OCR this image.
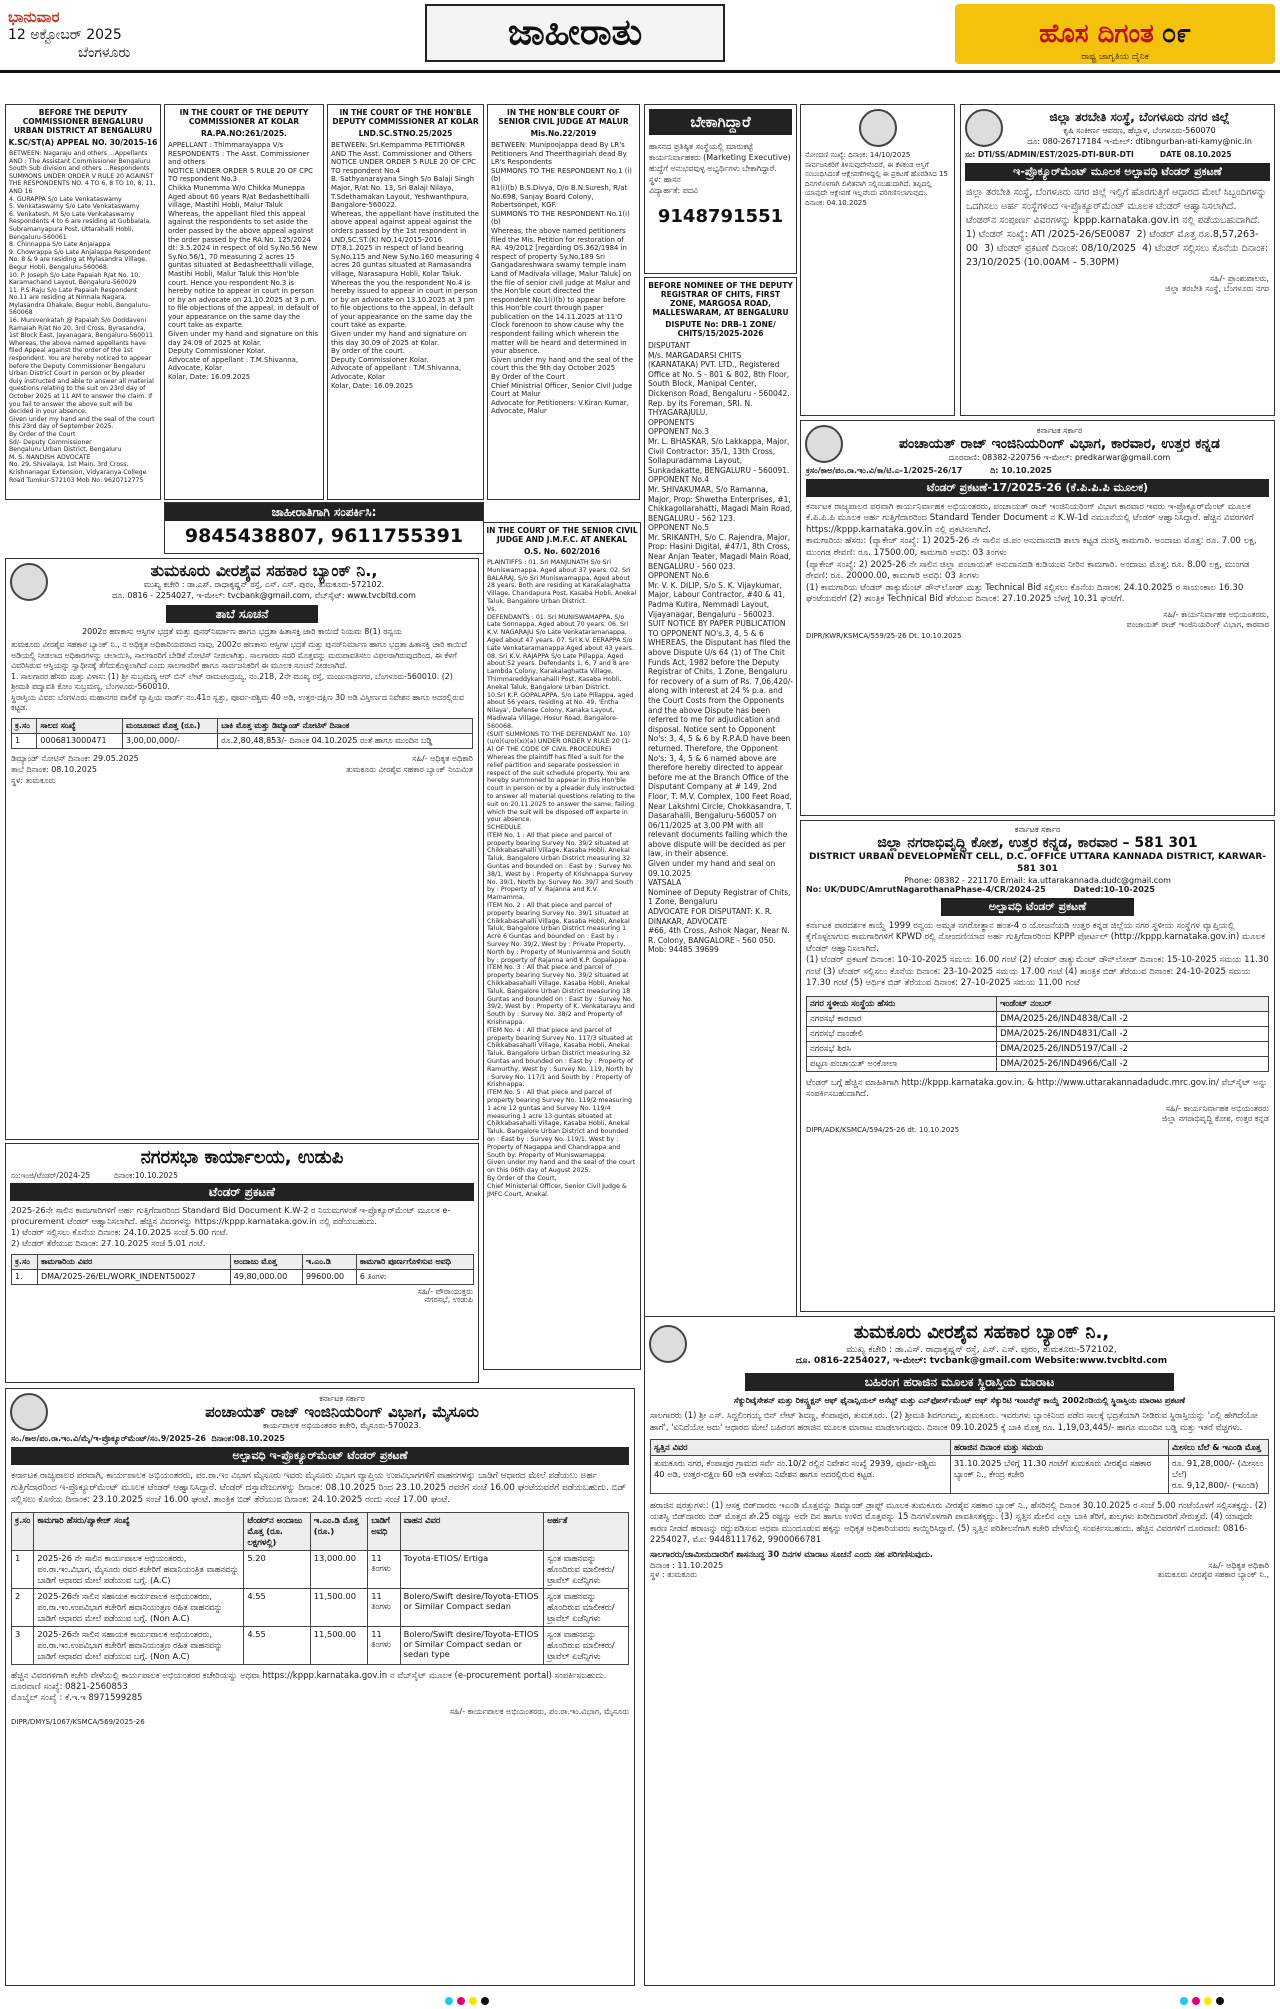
ಭಾನುವಾರ
12 ಅಕ್ಟೋಬರ್ 2025
ಬೆಂಗಳೂರು	ಜಾಹೀರಾತು	ಹೊಸ ದಿಗಂತ ೦೯
ರಾಷ್ಟ್ರ ಜಾಗೃತಿಯ ದೈನಿಕ
BEFORE THE DEPUTY COMMISSIONER BENGALURU URBAN DISTRICT AT BENGALURU
K.SC/ST(A) APPEAL NO. 30/2015-16
BETWEEN: Nagaraju and others ...Appellants AND : The Assistant Commissioner Bengaluru South Sub division and others ...Respondents
SUMMONS UNDER ORDER V RULE 20 AGAINST THE RESPONDENTS NO. 4 TO 6, 8 TO 10, 8, 11, AND 16
4. GURAPPA S/o Late Venkataswamy
5. Venkataswamy S/o Late Venkataswamy
6. Venkatesh. M S/o Late Venkataswamy Respondents 4 to 6 are residing at Gubbalala, Subramanyapura Post, Uttarahalli Hobli, Bengaluru-560061
8. Chinnappa S/o Late Anjaiappa
9. Chowrappa S/o Late Anjaiappa Respondent No. 8 & 9 are residing at Mylasandra Village, Begur Hobli, Bengaluru-560068.
10. P. Joseph S/o Late Papaiah R/at No. 10, Karamachand Layout, Bengaluru-560029
11. P.S Raju S/o Late Papaiah Respondent No.11 are residing at Nirmala Nagara, Mylasandra Dhakale, Begur Hobli, Bengaluru-560068
16. Munivenkatah @ Papaiah S/o Doddaveni Ramaiah R/at No 20, 3rd Cross, Byrasandra, 1st Block East, Jayanagara, Bengaluru-560011
Whereas, the above named appellants have filed Appeal against the order of the 1st respondent. You are hereby noticed to appear before the Deputy Commissioner Bengaluru Urban District Court in person or by pleader duly instructed and able to answer all material questions relating to the suit on 23rd day of October 2025 at 11 AM to answer the claim. If you fail to answer the above suit will be decided in your absence.
Given under my hand and the seal of the court this 23rd day of September 2025.
By Order of the Court
Sd/- Deputy Commissioner
Bengaluru Urban District, Bengaluru
M. S. NANDISH ADVOCATE
No. 29, Shivalaya, 1st Main, 3rd Cross, Krishnanagar Extension, Vidyaranya College Road Tumkur-572103 Mob No: 9620712775
IN THE COURT OF THE DEPUTY COMMISSIONER AT KOLAR
RA.PA.NO:261/2025.
APPELLANT : Thimmarayappa V/s RESPONDENTS : The Asst. Commissioner and others
NOTICE UNDER ORDER 5 RULE 20 OF CPC TO respondent No.3
Chikka Munemma W/o Chikka Muneppa Aged about 60 years R/at Bedashettihalli village, Mastihi Hobli, Malur Taluk
Whereas, the appellant filed this appeal against the respondents to set aside the order passed by the above appeal against the order passed by the RA.No. 125/2024 dt: 3.5.2024 in respect of old Sy.No.56 New Sy.No.56/1, 70 measuring 2 acres 15 guntas situated at Bedasheetthalli village, Mastihi Hobli, Malur Taluk this Hon'ble court. Hence you respondent No.3 is hereby notice to appear in court in person or by an advocate on 21.10.2025 at 3 p.m. to file objections of the appeal, in default of your appearance on the same day the court take as exparte.
Given under my hand and signature on this day 24.09 of 2025 at Kolar.
Deputy Commissioner Kolar.
Advocate of appellant : T.M.Shivanna, Advocate, Kolar
Kolar, Date: 16.09.2025
IN THE COURT OF THE HON'BLE DEPUTY COMMISSIONER AT KOLAR
LND.SC.STNO.25/2025
BETWEEN: Sri.Kempamma PETITIONER AND The Asst. Commissioner and Others
NOTICE UNDER ORDER 5 RULE 20 OF CPC TO respondent No.4
B. Sathyanarayana Singh S/o Balaji Singh Major, R/at No. 13, Sri Balaji Nilaya, T.Sdethamakan Layout, Yeshwanthpura, Bangalore-560022.
Whereas, the appellant have instituted the above appeal against appeal against the orders passed by the 1st respondent in LND.SC.ST.(K) NO.14/2015-2016 DT:8.1.2025 in respect of land bearing Sy.No.115 and New Sy.No.160 measuring 4 acres 20 guntas situated at Ramasandra village, Narasapura Hobli, Kolar Taluk. Whereas the you the respondent No.4 is hereby issued to appear in court in person or by an advocate on 13.10.2025 at 3 pm to file objections to the appeal, in default of your appearance on the same day the court take as exparte.
Given under my hand and signature on this day 30.09 of 2025 at Kolar.
By order of the court.
Deputy Commissioner Kolar.
Advocate of appellant : T.M.Shivanna, Advocate, Kolar
Kolar, Date: 16.09.2025
IN THE HON'BLE COURT OF SENIOR CIVIL JUDGE AT MALUR
Mis.No.22/2019
BETWEEN: Munipoojappa dead By LR's Petitioners And Theerthagiriah dead By LR's Respondents
SUMMONS TO THE RESPONDENT No.1 (i) (b)
R1(i)(b) B.S.Divya, D/o B.N.Suresh, R/at No.698, Sanjay Board Colony, Robertsonpet, KGF.
SUMMONS TO THE RESPONDENT No.1(i) (b)
Whereas, the above named petitioners filed the Mis. Petition for restoration of RA. 49/2012 [regarding OS.362/1984 in respect of property Sy.No.189 Sri Gangadareshwara swamy temple inam Land of Madivala village, Malur Taluk] on the file of senior civil judge at Malur and the Hon'ble court directed the respondent No.1(i)(b) to appear before this Hon'ble court through paper publication on the 14.11.2025 at 11'O Clock forenoon to show cause why the respondent failing which wherein the matter will be heard and determined in your absence.
Given under my hand and the seal of the court this the 9th day October 2025
By Order of the Court
Chief Ministrial Officer, Senior Civil Judge Court at Malur
Advocate for Petitioners: V.Kiran Kumar, Advocate, Malur
ಬೇಕಾಗಿದ್ದಾರೆ
ಹಾಸನದ ಪ್ರತಿಷ್ಠಿತ ಸಂಸ್ಥೆಯಲ್ಲಿ ಮಾರುಕಟ್ಟೆ ಕಾರ್ಯನಿರ್ವಾಹಕರು (Marketing Executive) ಹುದ್ದೆಗೆ ಅನುಭವವುಳ್ಳ ಅಭ್ಯರ್ಥಿಗಳು ಬೇಕಾಗಿದ್ದಾರೆ.
ಸ್ಥಳ: ಹಾಸನ
ವಿದ್ಯಾರ್ಹತೆ: ಪದವಿ
9148791551
ನೋಂದಣಿ ಸಂಖ್ಯೆ: ದಿನಾಂಕ: 14/10/2025
ಸಾರ್ವಜನಿಕರಿಗೆ ತಿಳಿಸುವುದೇನೆಂದರೆ, ಈ ಕೆಳಕಂಡ ಆಸ್ತಿಗೆ ಸಂಬಂಧಿಸಿದಂತೆ ಆಕ್ಷೇಪಣೆಗಳಿದ್ದಲ್ಲಿ ಈ ಪ್ರಕಟಣೆ ಹೊರಡಿಸಿದ 15 ದಿನಗಳೊಳಗಾಗಿ ಲಿಖಿತವಾಗಿ ಸಲ್ಲಿಸಬಹುದಾಗಿದೆ. ತಪ್ಪಿದಲ್ಲಿ ಯಾವುದೇ ಆಕ್ಷೇಪಣೆ ಇಲ್ಲವೆಂದು ಪರಿಗಣಿಸಲಾಗುವುದು.
ದಿನಾಂಕ: 04.10.2025
BEFORE NOMINEE OF THE DEPUTY REGISTRAR OF CHITS, FIRST ZONE, MARGOSA ROAD, MALLESWARAM, AT BENGALURU
DISPUTE No: DRB-1 ZONE/ CHITS/15/2025-2026
DISPUTANT
M/s. MARGADARSI CHITS (KARNATAKA) PVT. LTD., Registered Office at No. S - 801 & 802, 8th Floor, South Block, Manipal Center, Dickenson Road, Bengaluru - 560042.
Rep. by its Foreman, SRI. N. THYAGARAJULU.
OPPONENTS
OPPONENT No.3
Mr. L. BHASKAR, S/o Lakkappa, Major, Civil Contractor: 35/1, 13th Cross, Sollapuradamma Layout, Sunkadakatte, BENGALURU - 560091.
OPPONENT No.4
Mr. SHIVAKUMAR, S/o Ramanna, Major, Prop: Shwetha Enterprises, #1, Chikkagollarahatti, Magadi Main Road, BENGALURU - 562 123.
OPPONENT No.5
Mr. SRIKANTH, S/o C. Rajendra, Major, Prop: Hasini Digital, #47/1, 8th Cross, Near Anjan Teater, Magadi Main Road, BENGALURU - 560 023.
OPPONENT No.6
Mr. V. K. DILIP, S/o S. K. Vijaykumar, Major, Labour Contractor, #40 & 41, Padma Kutira, Nemmadi Layout, Vijayanagar, Bengaluru - 560023.
SUIT NOTICE BY PAPER PUBLICATION TO OPPONENT NO's.3, 4, 5 & 6
WHEREAS, the Disputant has filed the above Dispute U/s 64 (1) of The Chit Funds Act, 1982 before the Deputy Registrar of Chits, 1 Zone, Bengaluru for recovery of a sum of Rs. 7,06,420/- along with interest at 24 % p.a. and the Court Costs from the Opponents and the above Dispute has been referred to me for adjudication and disposal. Notice sent to Opponent No's: 3, 4, 5 & 6 by R.P.A.D have been returned. Therefore, the Opponent No's: 3, 4, 5 & 6 named above are therefore hereby directed to appear before me at the Branch Office of the Disputant Company at # 149, 2nd Floor, T. M.V. Complex, 100 Feet Road, Near Lakshmi Circle, Chokkasandra, T. Dasarahalli, Bengaluru-560057 on 06/11/2025 at 3.00 PM with all relevant documents failing which the above dispute will be decided as per law, in their absence.
Given under my hand and seal on 09.10.2025
VATSALA
Nominee of Deputy Registrar of Chits, 1 Zone, Bengaluru
ADVOCATE FOR DISPUTANT: K. R. DINAKAR, ADVOCATE
#66, 4th Cross, Ashok Nagar, Near N. R. Colony, BANGALORE - 560 050. Mob: 94485 39699
ಜಿಲ್ಲಾ ತರಬೇತಿ ಸಂಸ್ಥೆ, ಬೆಂಗಳೂರು ನಗರ ಜಿಲ್ಲೆ
ಕೃಷಿ ಸಂಕೀರ್ಣ ಆವರಣ, ಹೆಬ್ಬಾಳ, ಬೆಂಗಳೂರು-560070
ದೂ: 080-26717184 ಇ-ಮೇಲ್: dtibngurban-ati-kamy@nic.in
ಸಂ: DTI/SS/ADMIN/EST/2025-DTI-BUR-DTI          DATE 08.10.2025
ಇ-ಪ್ರೊಕ್ಯೂರ್‌ಮೆಂಟ್ ಮೂಲಕ ಅಲ್ಪಾವಧಿ ಟೆಂಡರ್ ಪ್ರಕಟಣೆ
ಜಿಲ್ಲಾ ತರಬೇತಿ ಸಂಸ್ಥೆ, ಬೆಂಗಳೂರು ನಗರ ಜಿಲ್ಲೆ ಇಲ್ಲಿಗೆ ಹೊರಗುತ್ತಿಗೆ ಆಧಾರದ ಮೇಲೆ ಸಿಬ್ಬಂದಿಗಳನ್ನು ಒದಗಿಸಲು ಅರ್ಹ ಸಂಸ್ಥೆಗಳಿಂದ ಇ-ಪ್ರೊಕ್ಯೂರ್‌ಮೆಂಟ್ ಮೂಲಕ ಟೆಂಡರ್ ಆಹ್ವಾನಿಸಲಾಗಿದೆ. ಟೆಂಡರ್‌ನ ಸಂಪೂರ್ಣ ವಿವರಗಳನ್ನು kppp.karnataka.gov.in ನಲ್ಲಿ ಪಡೆಯಬಹುದಾಗಿದೆ.
1) ಟೆಂಡರ್ ಸಂಖ್ಯೆ: ATI /2025-26/SE0087  2) ಟೆಂಡರ್ ಮೊತ್ತ ರೂ.8,57,263-00  3) ಟೆಂಡರ್ ಪ್ರಕಟಣೆ ದಿನಾಂಕ: 08/10/2025  4) ಟೆಂಡರ್ ಸಲ್ಲಿಸಲು ಕೊನೆಯ ದಿನಾಂಕ: 23/10/2025 (10.00AM – 5.30PM)
ಸಹಿ/- ಪ್ರಾಂಶುಪಾಲರು,
ಜಿಲ್ಲಾ ತರಬೇತಿ ಸಂಸ್ಥೆ, ಬೆಂಗಳೂರು ನಗರ
ಜಾಹೀರಾತಿಗಾಗಿ ಸಂಪರ್ಕಿಸಿ:
9845438807, 9611755391
ತುಮಕೂರು ವೀರಶೈವ ಸಹಕಾರ ಬ್ಯಾಂಕ್ ನಿ.,
ಮುಖ್ಯ ಕಚೇರಿ : ಡಾ.ಎಸ್. ರಾಧಾಕೃಷ್ಣನ್ ರಸ್ತೆ, ಎಸ್. ಎಸ್. ಪುರಂ, ತುಮಕೂರು-572102.
ದೂ. 0816 - 2254027, ಇ-ಮೇಲ್: tvcbank@gmail.com, ವೆಬ್‌ಸೈಟ್: www.tvcbltd.com
ತಾಬೆ ಸೂಚನೆ
2002ರ ಹಣಕಾಸು ಆಸ್ತಿಗಳ ಭದ್ರತೆ ಮತ್ತು ಪುನರ್‌ನಿರ್ಮಾಣ ಹಾಗೂ ಭದ್ರತಾ ಹಿತಾಸಕ್ತಿ ಜಾರಿ ಕಾಯಿದೆ ನಿಯಮ 8(1) ರನ್ವಯ
ತುಮಕೂರು ವೀರಶೈವ ಸಹಕಾರ ಬ್ಯಾಂಕ್ ನಿ., ನ ಅಧಿಕೃತ ಅಧಿಕಾರಿಯವರಾದ ನಾವು, 2002ರ ಹಣಕಾಸು ಆಸ್ತಿಗಳ ಭದ್ರತೆ ಮತ್ತು ಪುನರ್‌ನಿರ್ಮಾಣ ಹಾಗೂ ಭದ್ರತಾ ಹಿತಾಸಕ್ತಿ ಜಾರಿ ಕಾಯಿದೆ ಅಡಿಯಲ್ಲಿ ನೀಡಲಾದ ಅಧಿಕಾರಗಳನ್ನು ಚಲಾಯಿಸಿ, ಸಾಲಗಾರರಿಗೆ ಬೇಡಿಕೆ ನೋಟಿಸ್ ನೀಡಲಾಗಿತ್ತು. ಸಾಲಗಾರರು ಸದರಿ ಮೊತ್ತವನ್ನು ಮರುಪಾವತಿಸಲು ವಿಫಲರಾಗಿರುವುದರಿಂದ, ಈ ಕೆಳಗೆ ವಿವರಿಸಿರುವ ಆಸ್ತಿಯನ್ನು ಸ್ವಾಧೀನಕ್ಕೆ ತೆಗೆದುಕೊಳ್ಳಲಾಗಿದೆ ಎಂದು ಸಾಲಗಾರರಿಗೆ ಹಾಗೂ ಸಾರ್ವಜನಿಕರಿಗೆ ಈ ಮೂಲಕ ಸೂಚನೆ ನೀಡಲಾಗಿದೆ.
1. ಸಾಲಗಾರರ ಹೆಸರು ಮತ್ತು ವಿಳಾಸ: (1) ಶ್ರೀ ಸುಬ್ರಮಣ್ಯ ಆರ್ ಬಿನ್ ಲೇಟ್ ರಾಮಚಂದ್ರಯ್ಯ, ನಂ.218, 2ನೇ ಮುಖ್ಯ ರಸ್ತೆ, ಮಂಜುನಾಥನಗರ, ಬೆಂಗಳೂರು-560010. (2) ಶ್ರೀಮತಿ ಪದ್ಮಾವತಿ ಕೋಂ ಸುಬ್ರಮಣ್ಯ, ಬೆಂಗಳೂರು-560010.
ಸ್ಥಿರಾಸ್ತಿಯ ವಿವರ: ಬೆಂಗಳೂರು ಮಹಾನಗರ ಪಾಲಿಕೆ ವ್ಯಾಪ್ತಿಯ ವಾರ್ಡ್ ನಂ.41ರ ಸ್ವತ್ತು, ಪೂರ್ವ-ಪಶ್ಚಿಮ 40 ಅಡಿ, ಉತ್ತರ-ದಕ್ಷಿಣ 30 ಅಡಿ ವಿಸ್ತೀರ್ಣದ ನಿವೇಶನ ಹಾಗೂ ಅದರಲ್ಲಿರುವ ಕಟ್ಟಡ.
ಕ್ರ.ಸಂ	ಸಾಲದ ಸಂಖ್ಯೆ	ಮಂಜೂರಾದ ಮೊತ್ತ (ರೂ.)	ಬಾಕಿ ಮೊತ್ತ ಮತ್ತು ಡಿಮ್ಯಾಂಡ್ ನೋಟಿಸ್ ದಿನಾಂಕ
1	0006813000471	3,00,00,000/-	ರೂ.2,80,48,853/- ದಿನಾಂಕ 04.10.2025 ರಂತೆ ಹಾಗೂ ಮುಂದಿನ ಬಡ್ಡಿ
ಡಿಮ್ಯಾಂಡ್ ನೋಟಿಸ್ ದಿನಾಂಕ: 29.05.2025
ತಾಬೆ ದಿನಾಂಕ: 08.10.2025
ಸ್ಥಳ: ತುಮಕೂರು
ಸಹಿ/- ಅಧಿಕೃತ ಅಧಿಕಾರಿ
ತುಮಕೂರು ವೀರಶೈವ ಸಹಕಾರ ಬ್ಯಾಂಕ್ ನಿಯಮಿತ
IN THE COURT OF THE SENIOR CIVIL JUDGE AND J.M.F.C. AT ANEKAL
O.S. No. 602/2016
PLAINTIFFS : 01. Sri MANJUNATH S/o Sri Muniswamappa, Aged about 37 years. 02. Sri BALARAJ, S/o Sri Muniswamappa, Aged about 28 years. Both are residing at Karakalaghatta Village, Chandapura Post, Kasaba Hobli, Anekal Taluk, Bangalore Urban District.
Vs.
DEFENDANTS : 01. Sri MUNISWAMAPPA, S/o Late Sonnappa, Aged about 70 years. 06. Sri K.V. NAGARAJU S/o Late Venkataramanappa, Aged about 47 years. 07. Sri K.V. EERAPPA S/o Late Venkataramanappa Aged about 43 years. 08. Sri K.V. RAJAPPA S/o Late Pillappa, Aged about 52 years. Defendants 1, 6, 7 and 8 are Lambda Colony, Karakalaghatta Village, Thimmareddykanahalli Post, Kasaba Hobli, Anekal Taluk, Bangalore Urban District.
10.Sri K.P. GOPALAPPA, S/o Late Pillappa, aged about 56 years, residing at No. 49, 'Entha Nilaya', Defense Colony, Kanaka Layout, Madiwala Village, Hosur Road, Bangalore-560068.
(SUIT SUMMONS TO THE DEFENDANT No. 10)(u/o)(u/o)(xi)(a) UNDER ORDER V RULE 20 (1-A) OF THE CODE OF CIVIL PROCEDURE)
Whereas the plaintiff has filed a suit for the relief partition and separate possession in respect of the suit schedule property. You are hereby summoned to appear in this Hon'ble court in person or by a pleader duly instructed to answer all material questions relating to the suit on 20.11.2025 to answer the same, failing which the suit will be disposed off exparte in your absence.
SCHEDULE
ITEM No. 1 : All that piece and parcel of property bearing Survey No. 39/2 situated at Chikkabasahalli Village, Kasaba Hobli, Anekal Taluk, Bangalore Urban District measuring 32 Guntas and bounded on : East by : Survey No. 38/1, West by : Property of Krishnappa Survey No. 39/1, North by: Survey No. 39/7 and South by : Property of V. Rajanna and K.V. Marnamma.
ITEM No. 2 : All that piece and parcel of property bearing Survey No. 39/1 situated at Chikkabasahalli Village, Kasaba Hobli, Anekal Taluk, Bangalore Urban District measuring 1 Acre 6 Guntas and bounded on : East by : Survey No. 39/2, West by : Private Property, North by : Property of Munivamma and South by : property of Rajanna and K.P. Gopalappa.
ITEM No. 3 : All that piece and parcel of property bearing Survey No. 39/2 situated at Chikkabasahalli Village, Kasaba Hobli, Anekal Taluk, Bangalore Urban District measuring 18 Guntas and bounded on : East by : Survey No. 39/2, West by : Property of K. Venkatarayu and South by : Survey No. 38/2 and Property of Krishnappa.
ITEM No. 4 : All that piece and parcel of property bearing Survey No. 117/3 situated at Chikkabasahalli Village, Kasaba Hobli, Anekal Taluk, Bangalore Urban District measuring 32 Guntas and bounded on : East by : Property of Ramurthy, West by : Survey No. 119, North by : Survey No. 117/1 and South by : Property of Krishnappa.
ITEM No. 5 : All that piece and parcel of property bearing Survey No. 119/2 measuring 1 acre 12 guntas and Survey No. 119/4 measuring 1 acre 13 guntas situated at Chikkabasahalli Village, Kasaba Hobli, Anekal Taluk, Bangalore Urban District and bounded on : East by : Survey No. 119/1, West by : Property of Nagappa and Chandrappa and South by: Property of Muniswamappa.
Given under my hand and the seal of the court on this 06th day of August 2025.
By Order of the Court,
Chief Ministerial Officer, Senior Civil Judge & JMFC Court, Anekal.
ಕರ್ನಾಟಕ ಸರ್ಕಾರ
ಪಂಚಾಯತ್ ರಾಜ್ ಇಂಜಿನಿಯರಿಂಗ್ ವಿಭಾಗ, ಕಾರವಾರ, ಉತ್ತರ ಕನ್ನಡ
ದೂರವಾಣಿ: 08382-220756 ಇ-ಮೇಲ್: predkarwar@gmail.com
ಕ್ರಸಂ/ಕಾಅ/ಪಂ.ರಾ.ಇಂ.ವಿ/ಕಾ/ಟಿ.ಎ-1/2025-26/17          ದಿ: 10.10.2025
ಟೆಂಡರ್ ಪ್ರಕಟಣೆ-17/2025-26 (ಕೆ.ಪಿ.ಪಿ.ಪಿ ಮೂಲಕ)
ಕರ್ನಾಟಕ ರಾಜ್ಯಪಾಲರ ಪರವಾಗಿ ಕಾರ್ಯನಿರ್ವಾಹಕ ಅಭಿಯಂತರರು, ಪಂಚಾಯತ್ ರಾಜ್ ಇಂಜಿನಿಯರಿಂಗ್ ವಿಭಾಗ ಕಾರವಾರ ಇವರು ಇ-ಪ್ರೊಕ್ಯೂರ್‌ಮೆಂಟ್ ಮೂಲಕ ಕೆ.ಪಿ.ಪಿ.ಪಿ ಮೂಲಕ ಅರ್ಹ ಗುತ್ತಿಗೆದಾರರಿಂದ Standard Tender Document ನ K.W-1d ನಮೂನೆಯಲ್ಲಿ ಟೆಂಡರ್ ಆಹ್ವಾನಿಸಿದ್ದಾರೆ. ಹೆಚ್ಚಿನ ವಿವರಗಳಿಗೆ https://kppp.karnataka.gov.in ನಲ್ಲಿ ಪ್ರಕಟಿಸಲಾಗಿದೆ.
ಕಾಮಗಾರಿಯ ಹೆಸರು: (ಪ್ಯಾಕೇಜ್ ಸಂಖ್ಯೆ: 1) 2025-26 ನೇ ಸಾಲಿನ ಜಿ.ಪಂ ಅನುದಾನದಡಿ ಶಾಲಾ ಕಟ್ಟಡ ದುರಸ್ತಿ ಕಾಮಗಾರಿ. ಅಂದಾಜು ಮೊತ್ತ: ರೂ. 7.00 ಲಕ್ಷ, ಮುಂಗಡ ಠೇವಣಿ: ರೂ. 17500.00, ಕಾಮಗಾರಿ ಅವಧಿ: 03 ತಿಂಗಳು
(ಪ್ಯಾಕೇಜ್ ಸಂಖ್ಯೆ: 2) 2025-26 ನೇ ಸಾಲಿನ ಜಿಲ್ಲಾ ಪಂಚಾಯತ್ ಅನುದಾನದಡಿ ಕುಡಿಯುವ ನೀರಿನ ಕಾಮಗಾರಿ. ಅಂದಾಜು ಮೊತ್ತ: ರೂ. 8.00 ಲಕ್ಷ, ಮುಂಗಡ ಠೇವಣಿ: ರೂ. 20000.00, ಕಾಮಗಾರಿ ಅವಧಿ: 03 ತಿಂಗಳು
(1) ಕಾಮಗಾರಿಯ ಟೆಂಡರ್ ಡಾಕ್ಯುಮೆಂಟ್ ಡೌನ್‌ಲೋಡ್ ಮತ್ತು Technical Bid ಸಲ್ಲಿಸಲು ಕೊನೆಯ ದಿನಾಂಕ: 24.10.2025 ರ ಸಾಯಂಕಾಲ 16.30 ಘಂಟೆಯವರೆಗೆ (2) ತಾಂತ್ರಿಕ Technical Bid ತೆರೆಯುವ ದಿನಾಂಕ: 27.10.2025 ಬೆಳಗ್ಗೆ 10.31 ಘಂಟೆಗೆ.
ಸಹಿ/- ಕಾರ್ಯನಿರ್ವಾಹಕ ಅಭಿಯಂತರರು,
ಪಂಚಾಯತ್ ರಾಜ್ ಇಂಜಿನಿಯರಿಂಗ್ ವಿಭಾಗ, ಕಾರವಾರ
DIPR/KWR/KSMCA/559/25-26 Dt. 10.10.2025
ಕರ್ನಾಟಕ ಸರ್ಕಾರ
ಜಿಲ್ಲಾ ನಗರಾಭಿವೃದ್ಧಿ ಕೋಶ, ಉತ್ತರ ಕನ್ನಡ, ಕಾರವಾರ – 581 301
DISTRICT URBAN DEVELOPMENT CELL, D.C. OFFICE UTTARA KANNADA DISTRICT, KARWAR-581 301
Phone: 08382 - 221170 Email: ka.uttarakannada.dudc@gmail.com
No: UK/DUDC/AmrutNagarothanaPhase-4/CR/2024-25          Dated:10-10-2025
ಅಲ್ಪಾವಧಿ ಟೆಂಡರ್ ಪ್ರಕಟಣೆ
ಕರ್ನಾಟಕ ಪಾರದರ್ಶಕ ಕಾಯ್ದೆ 1999 ರನ್ವಯ ಅಮೃತ ನಗರೋತ್ಥಾನ ಹಂತ-4 ರ ಯೋಜನೆಯಡಿ ಉತ್ತರ ಕನ್ನಡ ಜಿಲ್ಲೆಯ ನಗರ ಸ್ಥಳೀಯ ಸಂಸ್ಥೆಗಳ ವ್ಯಾಪ್ತಿಯಲ್ಲಿ ಕೈಗೊಳ್ಳಲಾಗುವ ಕಾಮಗಾರಿಗಳಿಗೆ KPWD ರಲ್ಲಿ ನೋಂದಣಿಯಾದ ಅರ್ಹ ಗುತ್ತಿಗೆದಾರರಿಂದ KPPP ಪೋರ್ಟಲ್ (http://kppp.karnataka.gov.in) ಮೂಲಕ ಟೆಂಡರ್ ಆಹ್ವಾನಿಸಲಾಗಿದೆ.
(1) ಟೆಂಡರ್ ಪ್ರಕಟಣೆ ದಿನಾಂಕ: 10-10-2025 ಸಮಯ 16.00 ಗಂಟೆ (2) ಟೆಂಡರ್ ಡಾಕ್ಯುಮೆಂಟ್ ಡೌನ್‌ಲೋಡ್ ದಿನಾಂಕ: 15-10-2025 ಸಮಯ 11.30 ಗಂಟೆ (3) ಟೆಂಡರ್ ಸಲ್ಲಿಸಲು ಕೊನೆಯ ದಿನಾಂಕ: 23-10-2025 ಸಮಯ 17.00 ಗಂಟೆ (4) ತಾಂತ್ರಿಕ ಬಿಡ್ ತೆರೆಯುವ ದಿನಾಂಕ: 24-10-2025 ಸಮಯ 17.30 ಗಂಟೆ (5) ಆರ್ಥಿಕ ಬಿಡ್ ತೆರೆಯುವ ದಿನಾಂಕ: 27-10-2025 ಸಮಯ 11.00 ಗಂಟೆ
ನಗರ ಸ್ಥಳೀಯ ಸಂಸ್ಥೆಯ ಹೆಸರು	ಇಂಡೆಂಟ್ ನಂಬರ್
ನಗರಸಭೆ ಕಾರವಾರ	DMA/2025-26/IND4838/Call -2
ನಗರಸಭೆ ದಾಂಡೇಲಿ	DMA/2025-26/IND4831/Call -2
ನಗರಸಭೆ ಶಿರಸಿ	DMA/2025-26/IND5197/Call -2
ಪಟ್ಟಣ ಪಂಚಾಯತ್ ಅಂಕೋಲಾ	DMA/2025-26/IND4966/Call -2
ಟೆಂಡರ್ ಬಗ್ಗೆ ಹೆಚ್ಚಿನ ಮಾಹಿತಿಗಾಗಿ http://kppp.karnataka.gov.in. & http://www.uttarakannadadudc.mrc.gov.in/ ವೆಬ್‌ಸೈಟ್ ಅನ್ನು ಸಂಪರ್ಕಿಸಬಹುದಾಗಿದೆ.
ಸಹಿ/- ಕಾರ್ಯನಿರ್ವಾಹಕ ಅಭಿಯಂತರರು
ಜಿಲ್ಲಾ ನಗರಾಭಿವೃದ್ಧಿ ಕೋಶ, ಉತ್ತರ ಕನ್ನಡ
DIPR/ADK/KSMCA/594/25-26 dt. 10.10.2025
ನಗರಸಭಾ ಕಾರ್ಯಾಲಯ, ಉಡುಪಿ
ಸಂ:ಇಂಜಿ/ಟೆಂಡರ್/2024-25          ದಿನಾಂಕ:10.10.2025
ಟೆಂಡರ್ ಪ್ರಕಟಣೆ
2025-26ನೇ ಸಾಲಿನ ಕಾಮಗಾರಿಗಳಿಗೆ ಅರ್ಹ ಗುತ್ತಿಗೆದಾರರಿಂದ Standard Bid Document K.W-2 ರ ನಿಯಮಗಳಂತೆ ಇ-ಪ್ರೊಕ್ಯೂರ್‌ಮೆಂಟ್ ಮೂಲಕ e-procurement ಟೆಂಡರ್ ಆಹ್ವಾನಿಸಲಾಗಿದೆ. ಹೆಚ್ಚಿನ ವಿವರಗಳನ್ನು https://kppp.karnataka.gov.in ನಲ್ಲಿ ಪಡೆಯಬಹುದು.
1) ಟೆಂಡರ್ ಸಲ್ಲಿಸಲು ಕೊನೆಯ ದಿನಾಂಕ: 24.10.2025 ಸಂಜೆ 5.00 ಗಂಟೆ.
2) ಟೆಂಡರ್ ತೆರೆಯುವ ದಿನಾಂಕ: 27.10.2025 ಸಂಜೆ 5.01 ಗಂಟೆ.
ಕ್ರ.ಸಂ	ಕಾಮಗಾರಿಯ ವಿವರ	ಅಂದಾಜು ಮೊತ್ತ	ಇ.ಎಂ.ಡಿ	ಕಾಮಗಾರಿ ಪೂರ್ಣಗೊಳಿಸುವ ಅವಧಿ
1.	DMA/2025-26/EL/WORK_INDENT50027	49,80,000.00	99600.00	6 ತಿಂಗಳು
ಸಹಿ/- ಪೌರಾಯುಕ್ತರು
ನಗರಸಭೆ, ಉಡುಪಿ
ಕರ್ನಾಟಕ ಸರ್ಕಾರ
ಪಂಚಾಯತ್ ರಾಜ್ ಇಂಜಿನಿಯರಿಂಗ್ ವಿಭಾಗ, ಮೈಸೂರು
ಕಾರ್ಯಪಾಲಕ ಅಭಿಯಂತರರ ಕಚೇರಿ, ಮೈಸೂರು-570023.
ಸಂ./ಕಾಅ/ಪಂ.ರಾ.ಇಂ.ವಿ/ಮೈ/ಇ-ಪ್ರೊಕ್ಯೂರ್‌ಮೆಂಟ್/ಸಂ.9/2025-26  ದಿನಾಂಕ:08.10.2025
ಅಲ್ಪಾವಧಿ ಇ-ಪ್ರೊಕ್ಯೂರ್‌ಮೆಂಟ್ ಟೆಂಡರ್ ಪ್ರಕಟಣೆ
ಕರ್ನಾಟಕ ರಾಜ್ಯಪಾಲರ ಪರವಾಗಿ, ಕಾರ್ಯಪಾಲಕ ಅಭಿಯಂತರರು, ಪಂ.ರಾ.ಇಂ ವಿಭಾಗ ಮೈಸೂರು ಇವರು ಮೈಸೂರು ವಿಭಾಗ ವ್ಯಾಪ್ತಿಯ ಉಪವಿಭಾಗಗಳಿಗೆ ವಾಹನಗಳನ್ನು ಬಾಡಿಗೆ ಆಧಾರದ ಮೇಲೆ ಪಡೆಯಲು ಅರ್ಹ ಗುತ್ತಿಗೆದಾರರಿಂದ ಇ-ಪ್ರೊಕ್ಯೂರ್‌ಮೆಂಟ್ ಮೂಲಕ ಟೆಂಡರ್ ಆಹ್ವಾನಿಸಿದ್ದಾರೆ. ಟೆಂಡರ್ ದಸ್ತಾವೇಜುಗಳನ್ನು ದಿನಾಂಕ: 08.10.2025 ರಿಂದ 23.10.2025 ರವರೆಗೆ ಸಂಜೆ 16.00 ಘಂಟೆಯವರೆಗೆ ಪಡೆಯಬಹುದು. ಬಿಡ್ ಸಲ್ಲಿಸಲು ಕೊನೆಯ ದಿನಾಂಕ: 23.10.2025 ಸಂಜೆ 16.00 ಘಂಟೆ. ತಾಂತ್ರಿಕ ಬಿಡ್ ತೆರೆಯುವ ದಿನಾಂಕ: 24.10.2025 ರಂದು ಸಂಜೆ 17.00 ಘಂಟೆ.
ಕ್ರ.ಸಂ	ಕಾಮಗಾರಿ ಹೆಸರು/ಪ್ಯಾಕೇಜ್ ಸಂಖ್ಯೆ	ಟೆಂಡರ್‌ನ ಅಂದಾಜು ಮೊತ್ತ (ರೂ. ಲಕ್ಷಗಳಲ್ಲಿ)	ಇ.ಎಂ.ಡಿ ಮೊತ್ತ (ರೂ.)	ಬಾಡಿಗೆ ಅವಧಿ	ವಾಹನ ವಿವರ	ಅರ್ಹತೆ
1	2025-26 ನೇ ಸಾಲಿನ ಕಾರ್ಯಪಾಲಕ ಅಭಿಯಂತರರು, ಪಂ.ರಾ.ಇಂ.ವಿಭಾಗ, ಮೈಸೂರು ರವರ ಕಚೇರಿಗೆ ಹವಾನಿಯಂತ್ರಿತ ವಾಹನವನ್ನು ಬಾಡಿಗೆ ಆಧಾರದ ಮೇಲೆ ಪಡೆಯುವ ಬಗ್ಗೆ. (A.C)	5.20	13,000.00	11 ತಿಂಗಳು	Toyota-ETIOS/ Ertiga	ಸ್ವಂತ ವಾಹನವನ್ನು ಹೊಂದಿರುವ ಮಾಲೀಕರು/ ಟ್ರಾವೆಲ್ ಏಜೆನ್ಸಿಗಳು
2	2025-26ನೇ ಸಾಲಿನ ಸಹಾಯಕ ಕಾರ್ಯಪಾಲಕ ಅಭಿಯಂತರರು, ಪಂ.ರಾ.ಇಂ.ಉಪವಿಭಾಗ ಕಚೇರಿಗೆ ಹವಾನಿಯಂತ್ರಣ ರಹಿತ ವಾಹನವನ್ನು ಬಾಡಿಗೆ ಆಧಾರದ ಮೇಲೆ ಪಡೆಯುವ ಬಗ್ಗೆ. (Non A.C)	4.55	11,500.00	11 ತಿಂಗಳು	Bolero/Swift desire/Toyota-ETIOS or Similar Compact sedan	ಸ್ವಂತ ವಾಹನವನ್ನು ಹೊಂದಿರುವ ಮಾಲೀಕರು/ ಟ್ರಾವೆಲ್ ಏಜೆನ್ಸಿಗಳು
3	2025-26ನೇ ಸಾಲಿನ ಸಹಾಯಕ ಕಾರ್ಯಪಾಲಕ ಅಭಿಯಂತರರು, ಪಂ.ರಾ.ಇಂ.ಉಪವಿಭಾಗ ಕಚೇರಿಗೆ ಹವಾನಿಯಂತ್ರಣ ರಹಿತ ವಾಹನವನ್ನು ಬಾಡಿಗೆ ಆಧಾರದ ಮೇಲೆ ಪಡೆಯುವ ಬಗ್ಗೆ. (Non A.C)	4.55	11,500.00	11 ತಿಂಗಳು	Bolero/Swift desire/Toyota-ETIOS or Similar Compact sedan or sedan type	ಸ್ವಂತ ವಾಹನವನ್ನು ಹೊಂದಿರುವ ಮಾಲೀಕರು/ ಟ್ರಾವೆಲ್ ಏಜೆನ್ಸಿಗಳು
ಹೆಚ್ಚಿನ ವಿವರಗಳಿಗಾಗಿ ಕಚೇರಿ ವೇಳೆಯಲ್ಲಿ ಕಾರ್ಯಪಾಲಕ ಅಭಿಯಂತರರ ಕಚೇರಿಯನ್ನು ಅಥವಾ https://kppp.karnataka.gov.in ನ ವೆಬ್‌ಸೈಟ್ ಮೂಲಕ (e-procurement portal) ಸಂಪರ್ಕಿಸಬಹುದು. ದೂರವಾಣಿ ಸಂಖ್ಯೆ: 0821-2560853
ಮೊಬೈಲ್ ಸಂಖ್ಯೆ : ಕೆ.ಇ.ಇ 8971599285
ಸಹಿ/- ಕಾರ್ಯಪಾಲಕ ಅಭಿಯಂತರರು, ಪಂ.ರಾ.ಇಂ.ವಿಭಾಗ, ಮೈಸೂರು
DIPR/DMYS/1067/KSMCA/569/2025-26
ತುಮಕೂರು ವೀರಶೈವ ಸಹಕಾರ ಬ್ಯಾಂಕ್ ನಿ.,
ಮುಖ್ಯ ಕಚೇರಿ : ಡಾ.ಎಸ್. ರಾಧಾಕೃಷ್ಣನ್ ರಸ್ತೆ, ಎಸ್. ಎಸ್. ಪುರಂ, ತುಮಕೂರು-572102,
ದೂ. 0816-2254027, ಇ-ಮೇಲ್: tvcbank@gmail.com Website:www.tvcbltd.com
ಬಹಿರಂಗ ಹರಾಜಿನ ಮೂಲಕ ಸ್ಥಿರಾಸ್ತಿಯ ಮಾರಾಟ
ಸೆಕ್ಯುರಿಟೈಸೇಶನ್ ಮತ್ತು ರಿಕನ್ಸ್ಟ್ರಕ್ಷನ್ ಆಫ್ ಫೈನಾನ್ಷಿಯಲ್ ಅಸೆಟ್ಸ್ ಮತ್ತು ಎನ್‌ಫೋರ್ಸ್‌ಮೆಂಟ್ ಆಫ್ ಸೆಕ್ಯುರಿಟಿ ಇಂಟರೆಸ್ಟ್ ಕಾಯ್ದೆ 2002ರಡಿಯಲ್ಲಿ ಸ್ಥಿರಾಸ್ತಿಯ ಮಾರಾಟ ಪ್ರಕಟಣೆ
ಸಾಲಗಾರರು (1) ಶ್ರೀ ಎಸ್. ಸಿದ್ದಲಿಂಗಯ್ಯ ಬಿನ್ ಲೇಟ್ ಶಿವಣ್ಣ, ಕೆಂಪಾಪುರ, ತುಮಕೂರು. (2) ಶ್ರೀಮತಿ ಶಿವಗಂಗಮ್ಮ, ತುಮಕೂರು. ಇವರುಗಳು ಬ್ಯಾಂಕಿನಿಂದ ಪಡೆದ ಸಾಲಕ್ಕೆ ಭದ್ರತೆಯಾಗಿ ನೀಡಿರುವ ಸ್ಥಿರಾಸ್ತಿಯನ್ನು 'ಎಲ್ಲಿ ಹೇಗಿದೆಯೋ ಹಾಗೆ', 'ಏನಿದೆಯೋ ಅದು' ಆಧಾರದ ಮೇಲೆ ಬಹಿರಂಗ ಹರಾಜಿನ ಮೂಲಕ ಮಾರಾಟ ಮಾಡಲಾಗುವುದು. ದಿನಾಂಕ 09.10.2025 ಕ್ಕೆ ಬಾಕಿ ಮೊತ್ತ ರೂ. 1,19,03,445/- ಹಾಗೂ ಮುಂದಿನ ಬಡ್ಡಿ ಮತ್ತು ಇತರೆ ವೆಚ್ಚಗಳು.
ಸ್ವತ್ತಿನ ವಿವರ	ಹರಾಜಿನ ದಿನಾಂಕ ಮತ್ತು ಸಮಯ	ಮೀಸಲು ಬೆಲೆ & ಇಎಂಡಿ ಮೊತ್ತ
ತುಮಕೂರು ನಗರ, ಕೆಂಪಾಪುರ ಗ್ರಾಮದ ಸರ್ವೆ ನಂ.10/2 ರಲ್ಲಿನ ನಿವೇಶನ ಸಂಖ್ಯೆ 2939, ಪೂರ್ವ-ಪಶ್ಚಿಮ 40 ಅಡಿ, ಉತ್ತರ-ದಕ್ಷಿಣ 60 ಅಡಿ ಅಳತೆಯ ನಿವೇಶನ ಹಾಗೂ ಅದರಲ್ಲಿರುವ ಕಟ್ಟಡ.	31.10.2025 ಬೆಳಿಗ್ಗೆ 11.30 ಗಂಟೆಗೆ ತುಮಕೂರು ವೀರಶೈವ ಸಹಕಾರ ಬ್ಯಾಂಕ್ ನಿ., ಕೇಂದ್ರ ಕಚೇರಿ	ರೂ. 91,28,000/- (ಮೀಸಲು ಬೆಲೆ)
ರೂ. 9,12,800/- (ಇಎಂಡಿ)
ಹರಾಜಿನ ಷರತ್ತುಗಳು: (1) ಆಸಕ್ತ ಬಿಡ್‌ದಾರರು ಇಎಂಡಿ ಮೊತ್ತವನ್ನು ಡಿಮ್ಯಾಂಡ್ ಡ್ರಾಫ್ಟ್ ಮೂಲಕ ತುಮಕೂರು ವೀರಶೈವ ಸಹಕಾರ ಬ್ಯಾಂಕ್ ನಿ., ಹೆಸರಿನಲ್ಲಿ ದಿನಾಂಕ 30.10.2025 ರ ಸಂಜೆ 5.00 ಗಂಟೆಯೊಳಗೆ ಸಲ್ಲಿಸತಕ್ಕದ್ದು. (2) ಯಶಸ್ವಿ ಬಿಡ್‌ದಾರರು ಬಿಡ್ ಮೊತ್ತದ ಶೇ.25 ರಷ್ಟನ್ನು ಅದೇ ದಿನ ಹಾಗೂ ಉಳಿದ ಮೊತ್ತವನ್ನು 15 ದಿನಗಳೊಳಗಾಗಿ ಪಾವತಿಸತಕ್ಕದ್ದು. (3) ಸ್ವತ್ತಿನ ಮೇಲಿನ ಎಲ್ಲಾ ಬಾಕಿ ತೆರಿಗೆ, ಶುಲ್ಕಗಳು ಖರೀದಿದಾರರಿಗೆ ಸೇರುತ್ತವೆ. (4) ಯಾವುದೇ ಕಾರಣ ನೀಡದೆ ಹರಾಜನ್ನು ರದ್ದುಪಡಿಸುವ ಅಥವಾ ಮುಂದೂಡುವ ಹಕ್ಕನ್ನು ಅಧಿಕೃತ ಅಧಿಕಾರಿಯವರು ಕಾಯ್ದಿರಿಸಿದ್ದಾರೆ. (5) ಸ್ವತ್ತಿನ ಪರಿಶೀಲನೆಗಾಗಿ ಕಚೇರಿ ವೇಳೆಯಲ್ಲಿ ಸಂಪರ್ಕಿಸಬಹುದು. ಹೆಚ್ಚಿನ ವಿವರಗಳಿಗೆ ದೂರವಾಣಿ: 0816-2254027, ಮೊ: 9448111762, 9900066781
ಸಾಲಗಾರರು/ಜಾಮೀನುದಾರರಿಗೆ ಶಾಸನಬದ್ಧ 30 ದಿನಗಳ ಮಾರಾಟ ಸೂಚನೆ ಎಂದು ಸಹ ಪರಿಗಣಿಸುವುದು.
ದಿನಾಂಕ : 11.10.2025
ಸ್ಥಳ : ತುಮಕೂರು
ಸಹಿ/- ಅಧಿಕೃತ ಅಧಿಕಾರಿ
ತುಮಕೂರು ವೀರಶೈವ ಸಹಕಾರ ಬ್ಯಾಂಕ್ ನಿ.,
